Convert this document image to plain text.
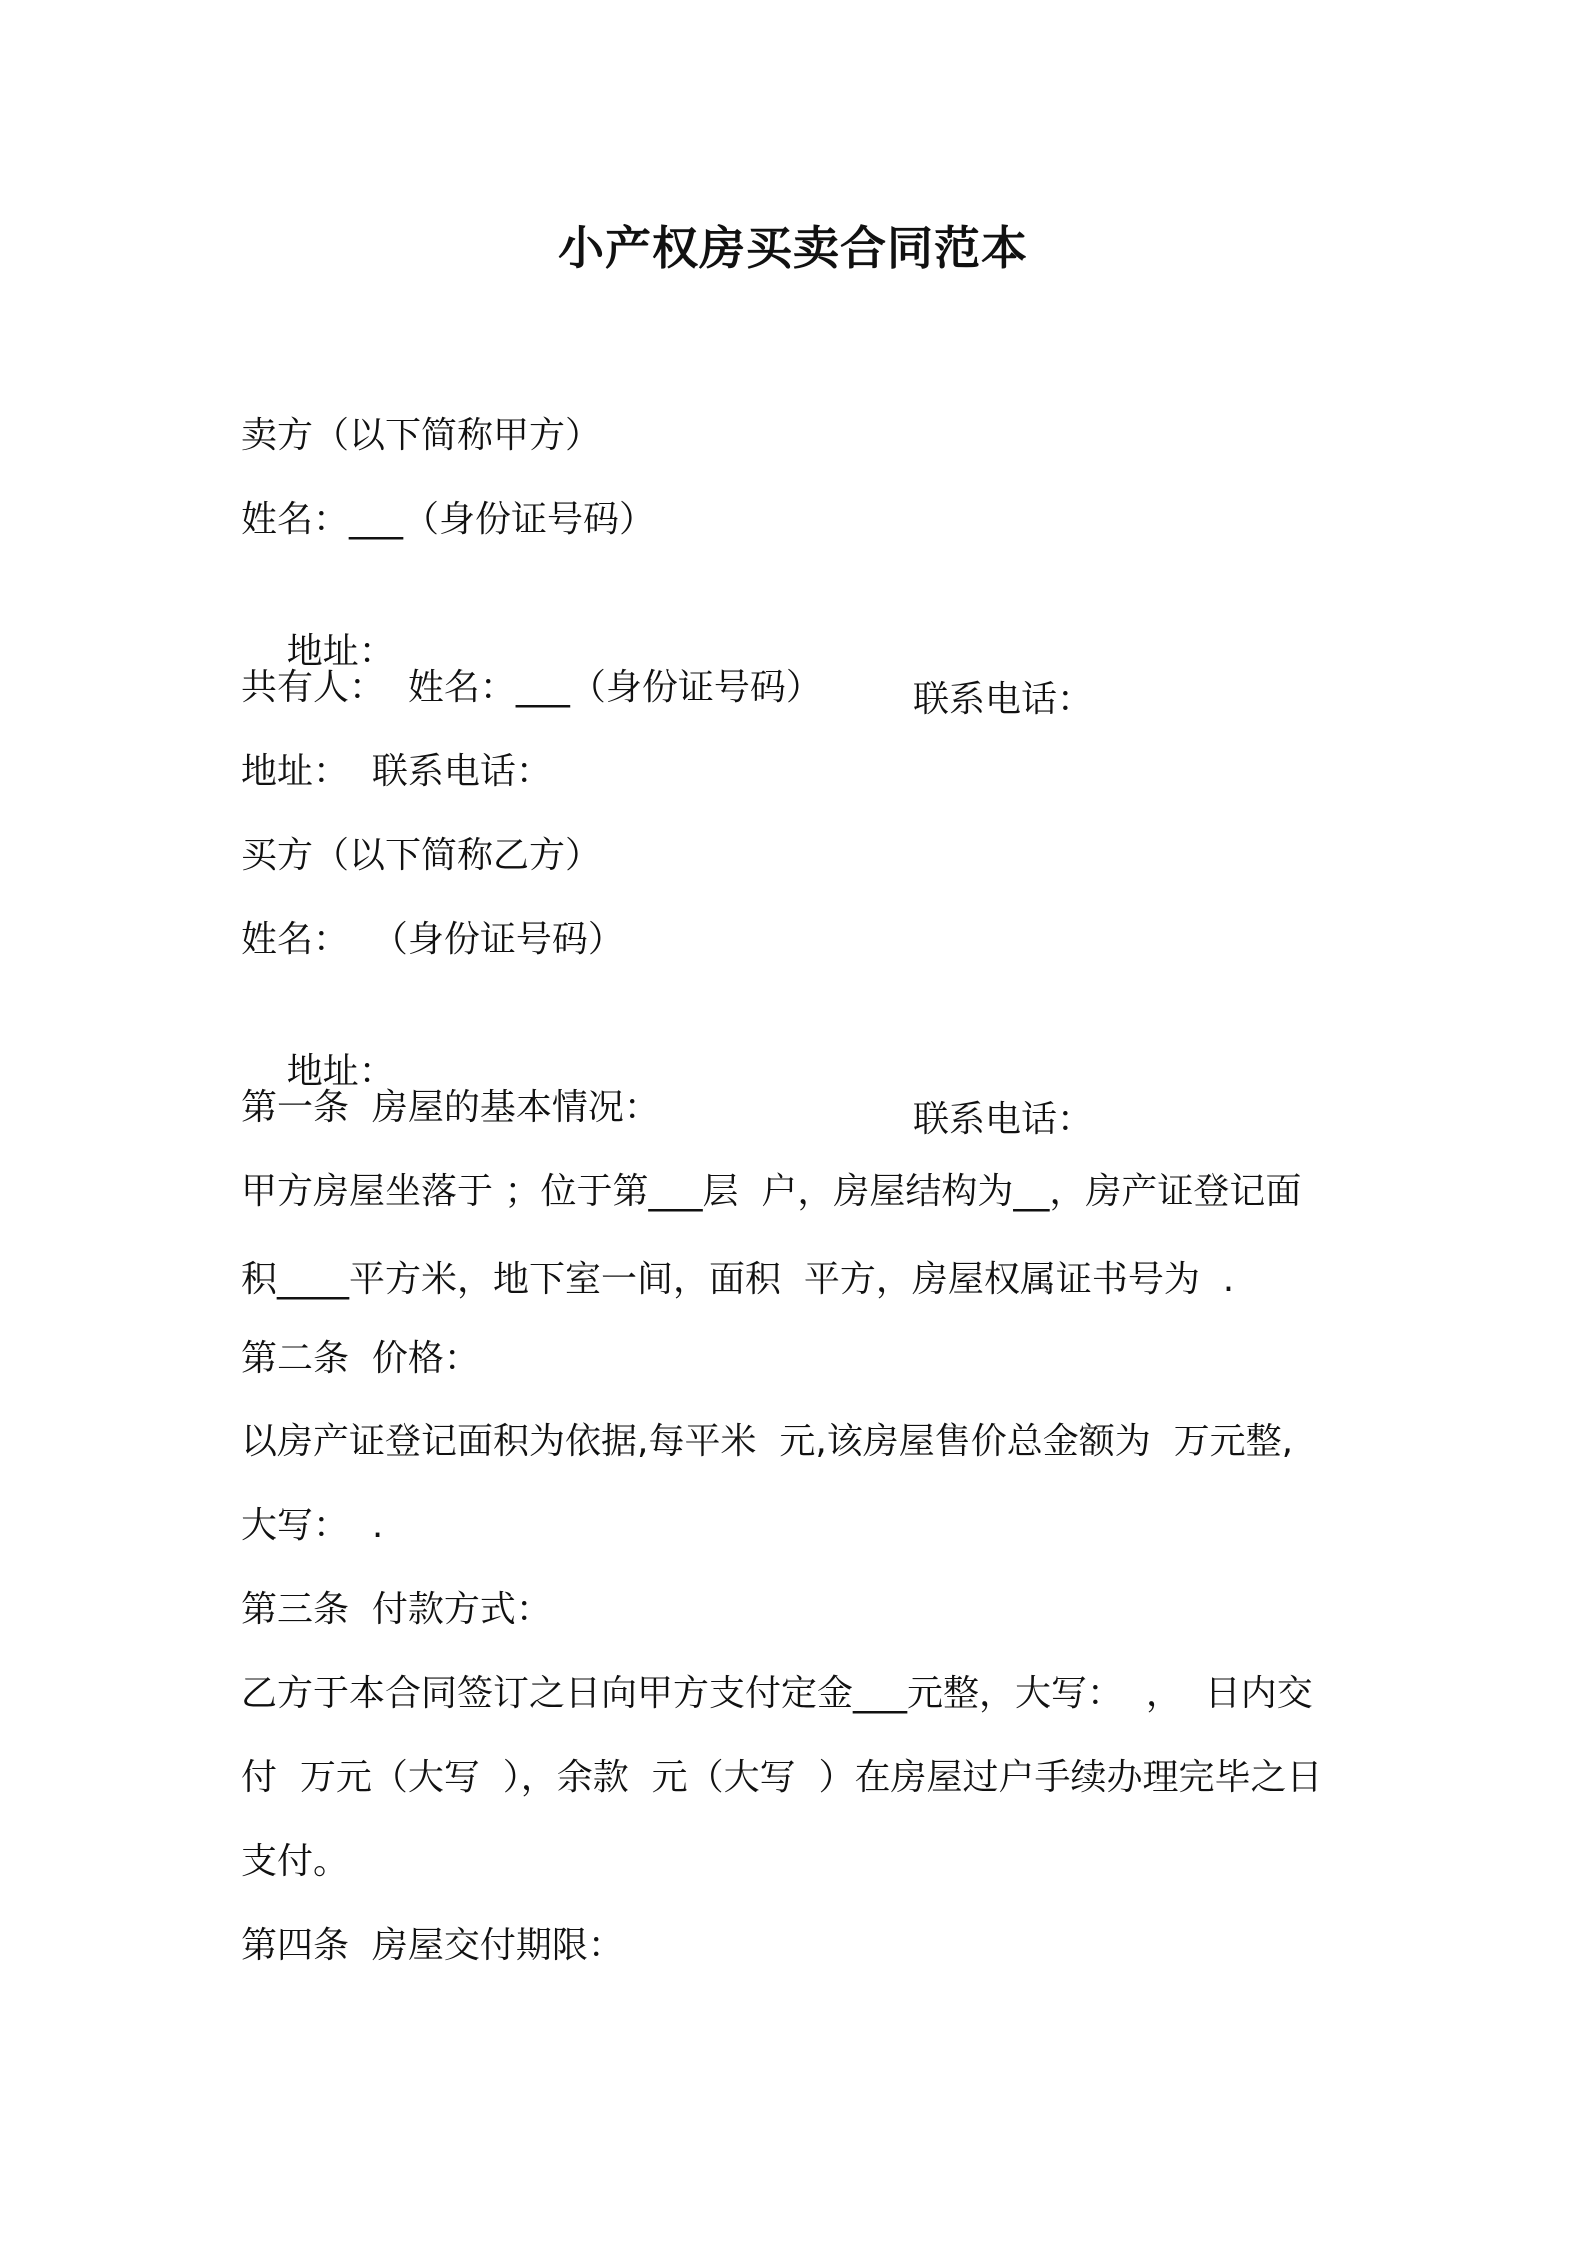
小产权房买卖合同范本
卖方（以下简称甲方）
姓名：___（身份证号码）

地址：

联系电话：

共有人：  姓名：___（身份证号码）
地址：  联系电话：
买方（以下简称乙方）
姓名：  （身份证号码）

地址：

联系电话：

第一条  房屋的基本情况：
甲方房屋坐落于 ；位于第___层  户，房屋结构为__，房产证登记面
积____平方米，地下室一间，面积  平方，房屋权属证书号为  .
第二条  价格：
以房产证登记面积为依据,每平米  元,该房屋售价总金额为  万元整,
大写：  .
第三条  付款方式：
乙方于本合同签订之日向甲方支付定金___元整，大写：  ，  日内交
付  万元（大写  ），余款  元（大写  ）在房屋过户手续办理完毕之日
支付。
第四条  房屋交付期限：
